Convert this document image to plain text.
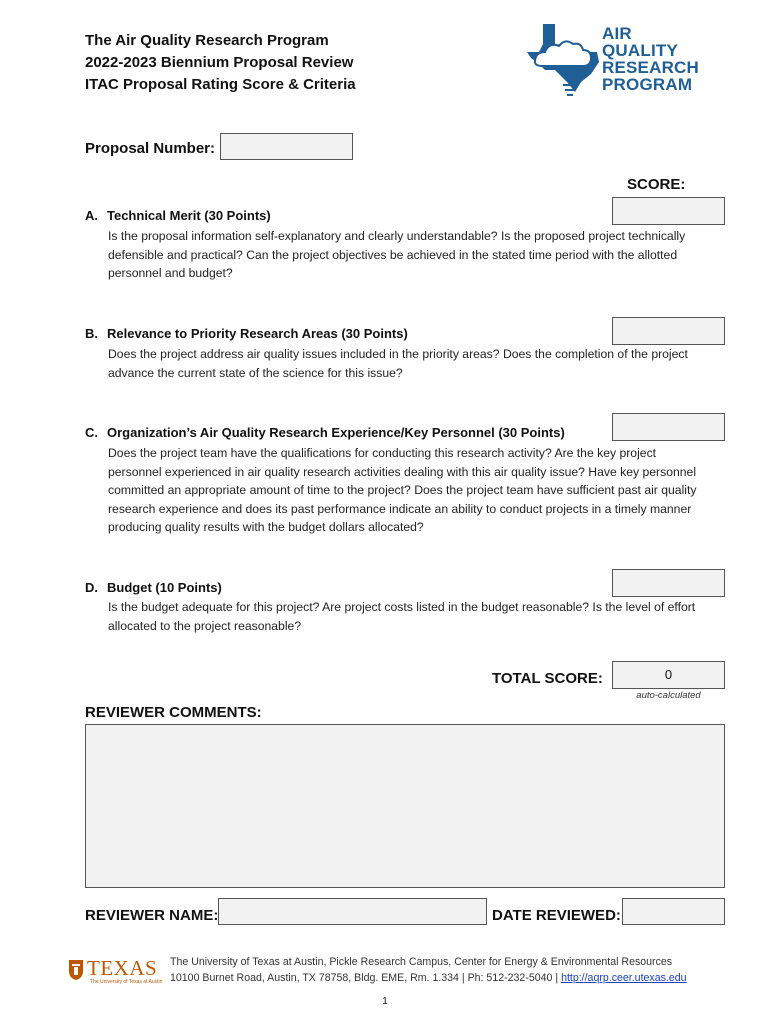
The Air Quality Research Program
2022-2023 Biennium Proposal Review
ITAC Proposal Rating Score & Criteria
AIR
QUALITY
RESEARCH
PROGRAM
Proposal Number:
SCORE:
A. Technical Merit (30 Points)
Is the proposal information self-explanatory and clearly understandable? Is the proposed project technically defensible and practical? Can the project objectives be achieved in the stated time period with the allotted personnel and budget?
B. Relevance to Priority Research Areas (30 Points)
Does the project address air quality issues included in the priority areas? Does the completion of the project advance the current state of the science for this issue?
C. Organization’s Air Quality Research Experience/Key Personnel (30 Points)
Does the project team have the qualifications for conducting this research activity? Are the key project personnel experienced in air quality research activities dealing with this air quality issue? Have key personnel committed an appropriate amount of time to the project? Does the project team have sufficient past air quality research experience and does its past performance indicate an ability to conduct projects in a timely manner producing quality results with the budget dollars allocated?
D. Budget (10 Points)
Is the budget adequate for this project? Are project costs listed in the budget reasonable? Is the level of effort allocated to the project reasonable?
TOTAL SCORE:	0
auto-calculated
REVIEWER COMMENTS:
REVIEWER NAME:	DATE REVIEWED:
TEXAS
The University of Texas at Austin
The University of Texas at Austin, Pickle Research Campus, Center for Energy & Environmental Resources
10100 Burnet Road, Austin, TX 78758, Bldg. EME, Rm. 1.334 | Ph: 512-232-5040 | http://aqrp.ceer.utexas.edu
1
